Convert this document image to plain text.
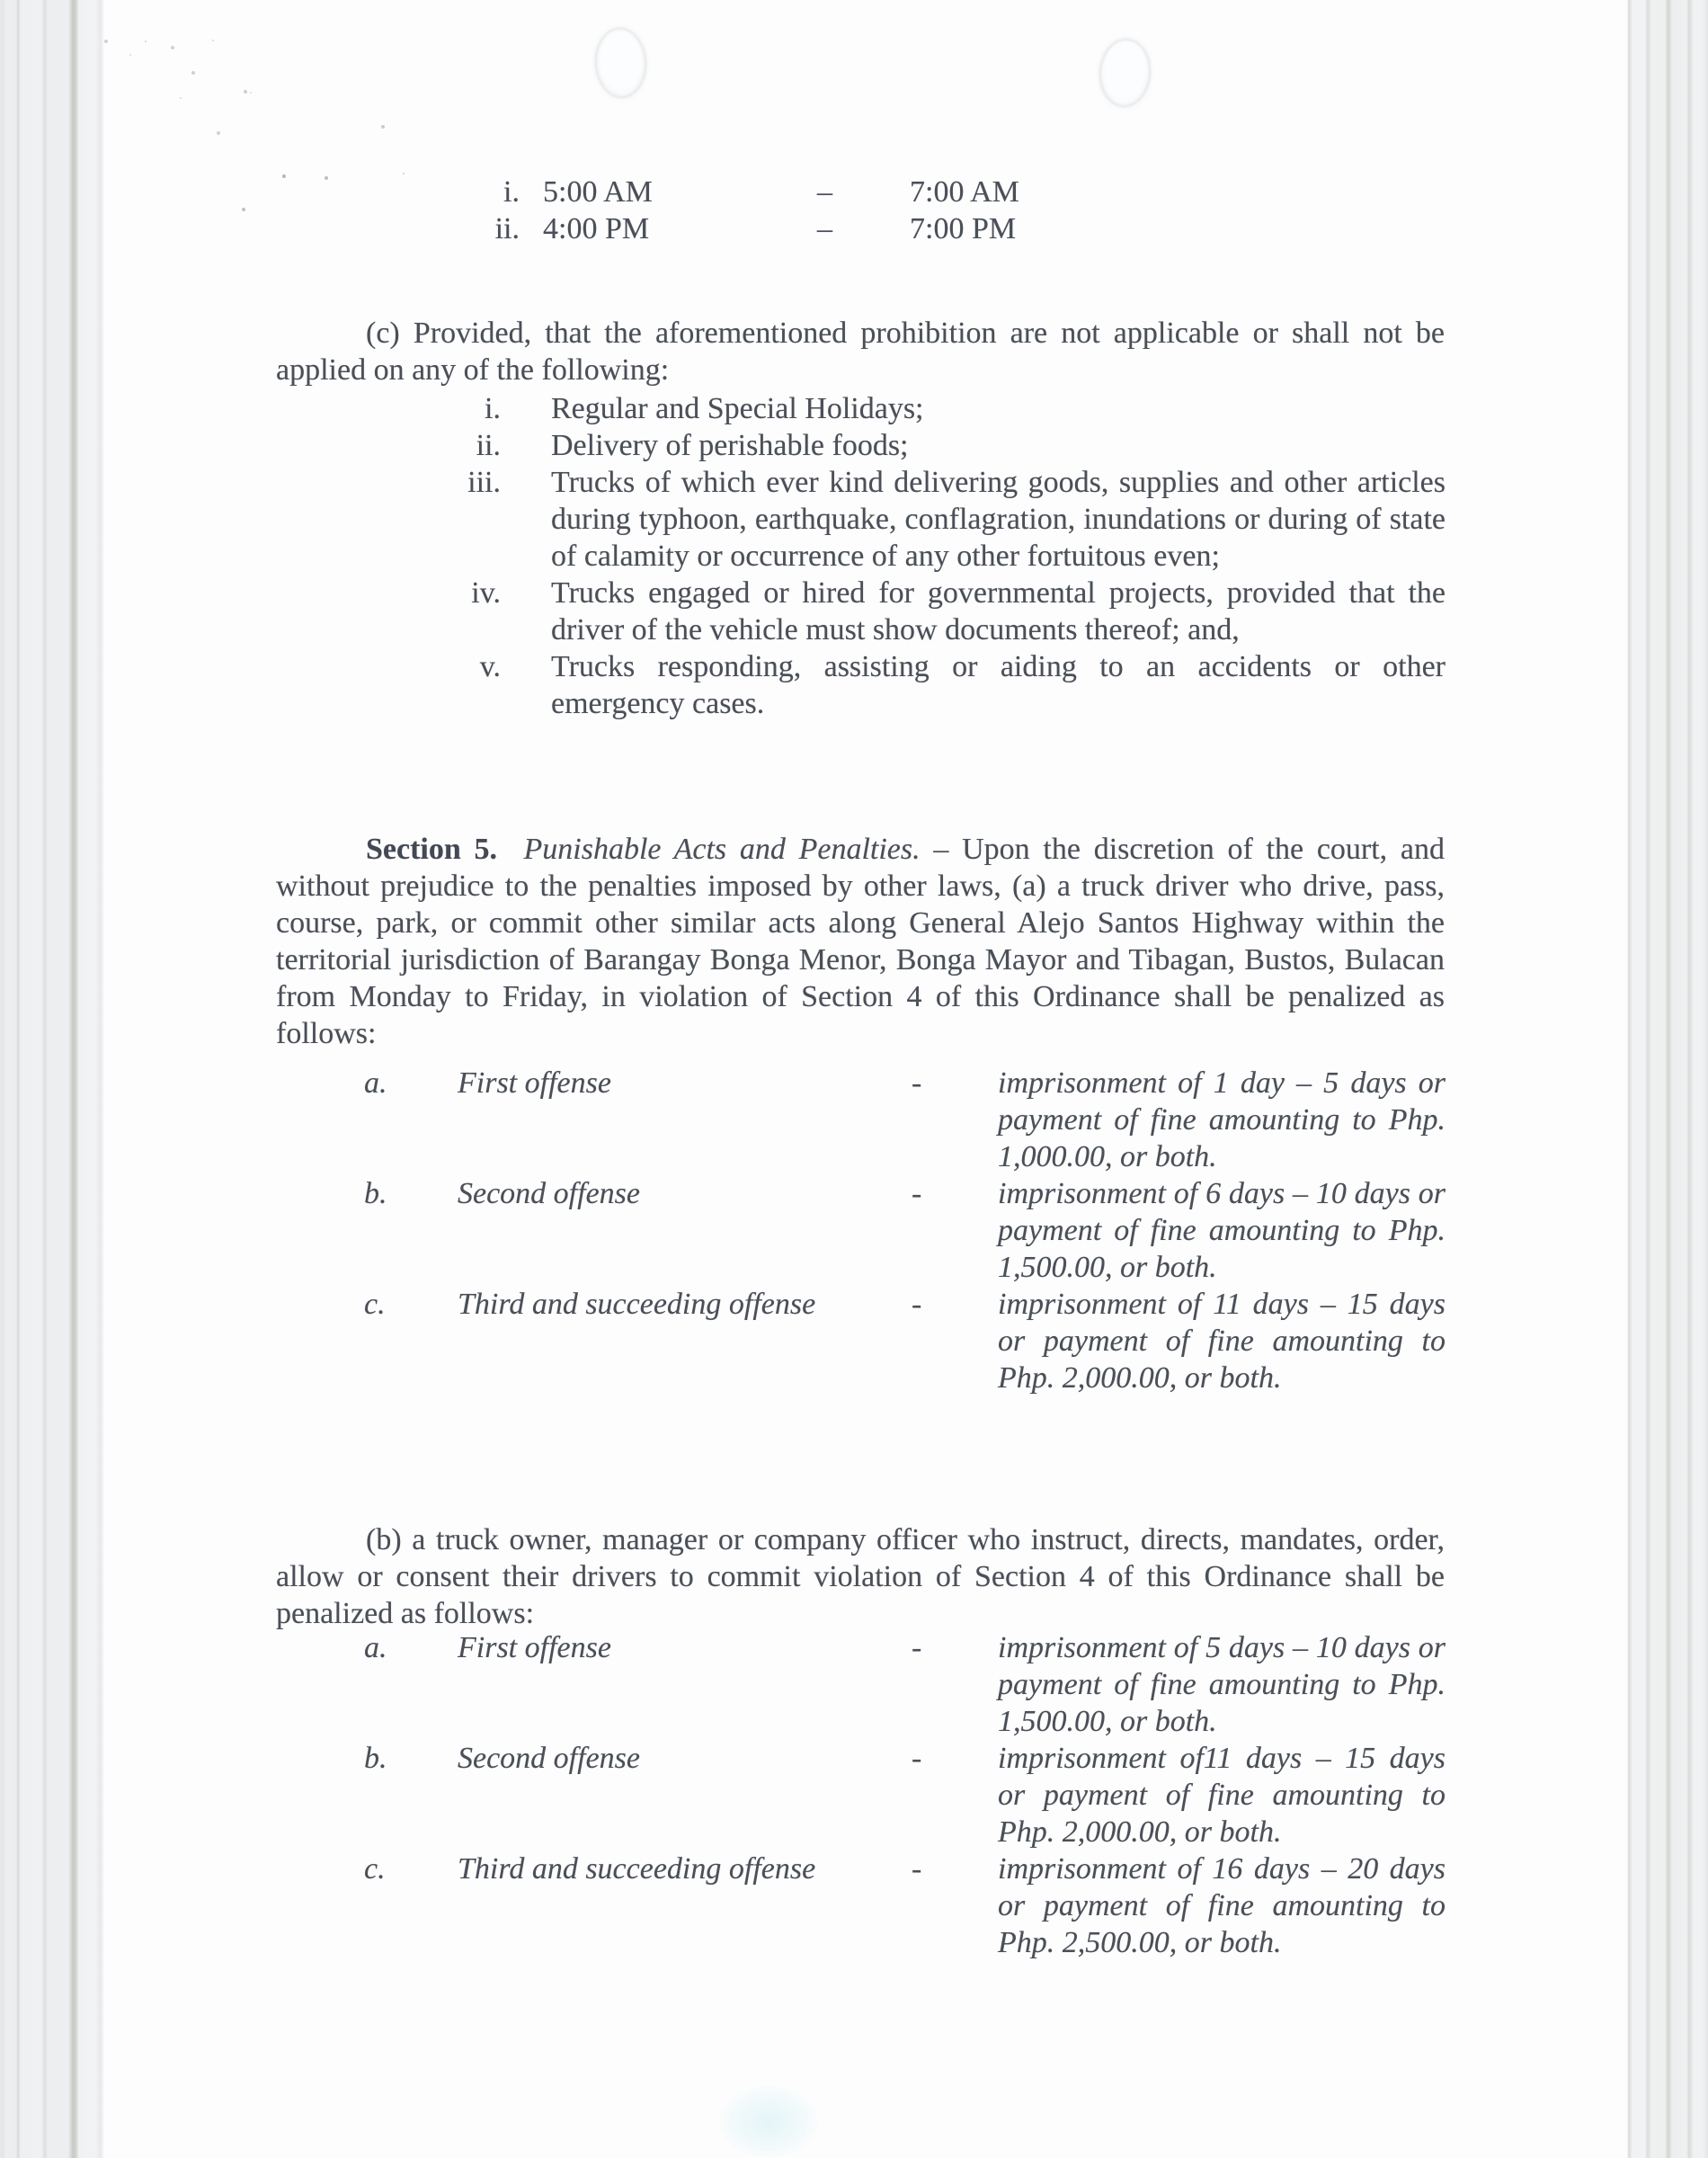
i. 5:00 AM	–	7:00 AM
ii. 4:00 PM	–	7:00 PM

(c) Provided, that the aforementioned prohibition are not applicable or shall not be applied on any of the following:

i. Regular and Special Holidays;
ii. Delivery of perishable foods;
iii. Trucks of which ever kind delivering goods, supplies and other articles during typhoon, earthquake, conflagration, inundations or during of state of calamity or occurrence of any other fortuitous even;
iv. Trucks engaged or hired for governmental projects, provided that the driver of the vehicle must show documents thereof; and,
v. Trucks responding, assisting or aiding to an accidents or other emergency cases.

Section 5. Punishable Acts and Penalties. – Upon the discretion of the court, and without prejudice to the penalties imposed by other laws, (a) a truck driver who drive, pass, course, park, or commit other similar acts along General Alejo Santos Highway within the territorial jurisdiction of Barangay Bonga Menor, Bonga Mayor and Tibagan, Bustos, Bulacan from Monday to Friday, in violation of Section 4 of this Ordinance shall be penalized as follows:

a. First offense	- imprisonment of 1 day – 5 days or payment of fine amounting to Php. 1,000.00, or both.
b. Second offense	- imprisonment of 6 days – 10 days or payment of fine amounting to Php. 1,500.00, or both.
c. Third and succeeding offense	- imprisonment of 11 days – 15 days or payment of fine amounting to Php. 2,000.00, or both.

(b) a truck owner, manager or company officer who instruct, directs, mandates, order, allow or consent their drivers to commit violation of Section 4 of this Ordinance shall be penalized as follows:

a. First offense	- imprisonment of 5 days – 10 days or payment of fine amounting to Php. 1,500.00, or both.
b. Second offense	- imprisonment of11 days – 15 days or payment of fine amounting to Php. 2,000.00, or both.
c. Third and succeeding offense	- imprisonment of 16 days – 20 days or payment of fine amounting to Php. 2,500.00, or both.
